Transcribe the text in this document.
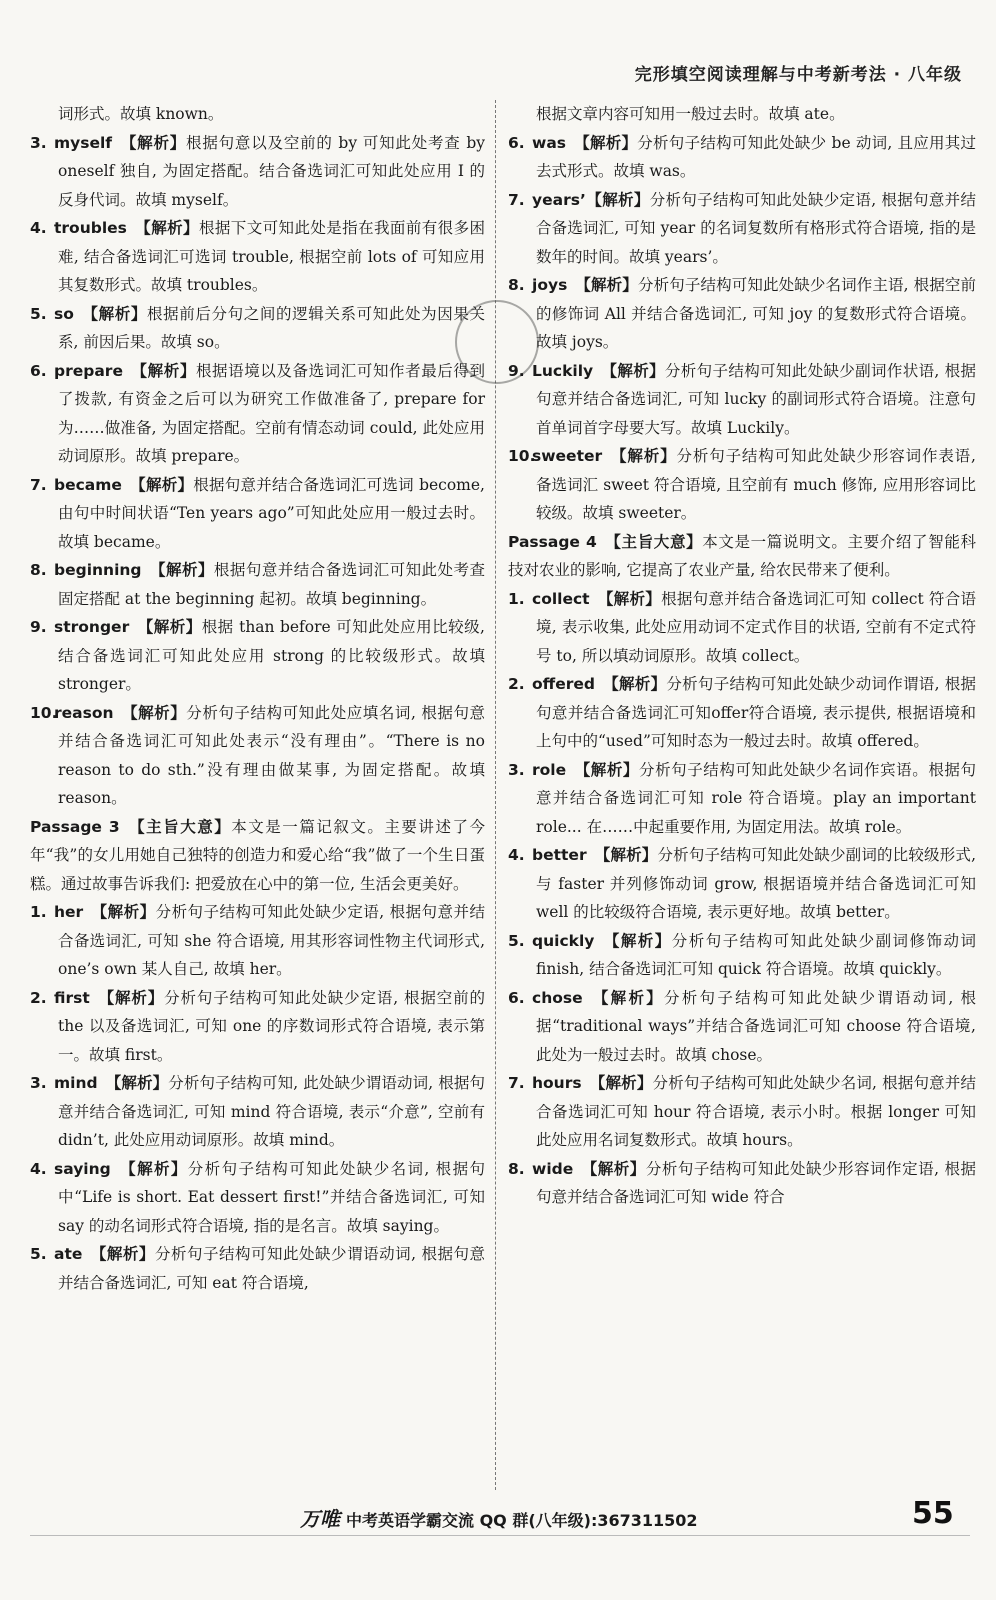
完形填空阅读理解与中考新考法 · 八年级
词形式。故填 known。
3. myself 【解析】根据句意以及空前的 by 可知此处考查 by oneself 独自, 为固定搭配。结合备选词汇可知此处应用 I 的反身代词。故填 myself。
4. troubles 【解析】根据下文可知此处是指在我面前有很多困难, 结合备选词汇可选词 trouble, 根据空前 lots of 可知应用其复数形式。故填 troubles。
5. so 【解析】根据前后分句之间的逻辑关系可知此处为因果关系, 前因后果。故填 so。
6. prepare 【解析】根据语境以及备选词汇可知作者最后得到了拨款, 有资金之后可以为研究工作做准备了, prepare for 为……做准备, 为固定搭配。空前有情态动词 could, 此处应用动词原形。故填 prepare。
7. became 【解析】根据句意并结合备选词汇可选词 become, 由句中时间状语“Ten years ago”可知此处应用一般过去时。故填 became。
8. beginning 【解析】根据句意并结合备选词汇可知此处考查固定搭配 at the beginning 起初。故填 beginning。
9. stronger 【解析】根据 than before 可知此处应用比较级, 结合备选词汇可知此处应用 strong 的比较级形式。故填 stronger。
10.reason 【解析】分析句子结构可知此处应填名词, 根据句意并结合备选词汇可知此处表示“没有理由”。“There is no reason to do sth.”没有理由做某事, 为固定搭配。故填 reason。
Passage 3 【主旨大意】本文是一篇记叙文。主要讲述了今年“我”的女儿用她自己独特的创造力和爱心给“我”做了一个生日蛋糕。通过故事告诉我们: 把爱放在心中的第一位, 生活会更美好。
1. her 【解析】分析句子结构可知此处缺少定语, 根据句意并结合备选词汇, 可知 she 符合语境, 用其形容词性物主代词形式, one’s own 某人自己, 故填 her。
2. first 【解析】分析句子结构可知此处缺少定语, 根据空前的 the 以及备选词汇, 可知 one 的序数词形式符合语境, 表示第一。故填 first。
3. mind 【解析】分析句子结构可知, 此处缺少谓语动词, 根据句意并结合备选词汇, 可知 mind 符合语境, 表示“介意”, 空前有 didn’t, 此处应用动词原形。故填 mind。
4. saying 【解析】分析句子结构可知此处缺少名词, 根据句中“Life is short. Eat dessert first!”并结合备选词汇, 可知 say 的动名词形式符合语境, 指的是名言。故填 saying。
5. ate 【解析】分析句子结构可知此处缺少谓语动词, 根据句意并结合备选词汇, 可知 eat 符合语境,
根据文章内容可知用一般过去时。故填 ate。
6. was 【解析】分析句子结构可知此处缺少 be 动词, 且应用其过去式形式。故填 was。
7. years’ 【解析】分析句子结构可知此处缺少定语, 根据句意并结合备选词汇, 可知 year 的名词复数所有格形式符合语境, 指的是数年的时间。故填 years’。
8. joys 【解析】分析句子结构可知此处缺少名词作主语, 根据空前的修饰词 All 并结合备选词汇, 可知 joy 的复数形式符合语境。故填 joys。
9. Luckily 【解析】分析句子结构可知此处缺少副词作状语, 根据句意并结合备选词汇, 可知 lucky 的副词形式符合语境。注意句首单词首字母要大写。故填 Luckily。
10.sweeter 【解析】分析句子结构可知此处缺少形容词作表语, 备选词汇 sweet 符合语境, 且空前有 much 修饰, 应用形容词比较级。故填 sweeter。
Passage 4 【主旨大意】本文是一篇说明文。主要介绍了智能科技对农业的影响, 它提高了农业产量, 给农民带来了便利。
1. collect 【解析】根据句意并结合备选词汇可知 collect 符合语境, 表示收集, 此处应用动词不定式作目的状语, 空前有不定式符号 to, 所以填动词原形。故填 collect。
2. offered 【解析】分析句子结构可知此处缺少动词作谓语, 根据句意并结合备选词汇可知offer符合语境, 表示提供, 根据语境和上句中的“used”可知时态为一般过去时。故填 offered。
3. role 【解析】分析句子结构可知此处缺少名词作宾语。根据句意并结合备选词汇可知 role 符合语境。play an important role... 在……中起重要作用, 为固定用法。故填 role。
4. better 【解析】分析句子结构可知此处缺少副词的比较级形式, 与 faster 并列修饰动词 grow, 根据语境并结合备选词汇可知 well 的比较级符合语境, 表示更好地。故填 better。
5. quickly 【解析】分析句子结构可知此处缺少副词修饰动词 finish, 结合备选词汇可知 quick 符合语境。故填 quickly。
6. chose 【解析】分析句子结构可知此处缺少谓语动词, 根据“traditional ways”并结合备选词汇可知 choose 符合语境, 此处为一般过去时。故填 chose。
7. hours 【解析】分析句子结构可知此处缺少名词, 根据句意并结合备选词汇可知 hour 符合语境, 表示小时。根据 longer 可知此处应用名词复数形式。故填 hours。
8. wide 【解析】分析句子结构可知此处缺少形容词作定语, 根据句意并结合备选词汇可知 wide 符合
万唯 中考英语学霸交流 QQ 群(八年级):367311502	55
